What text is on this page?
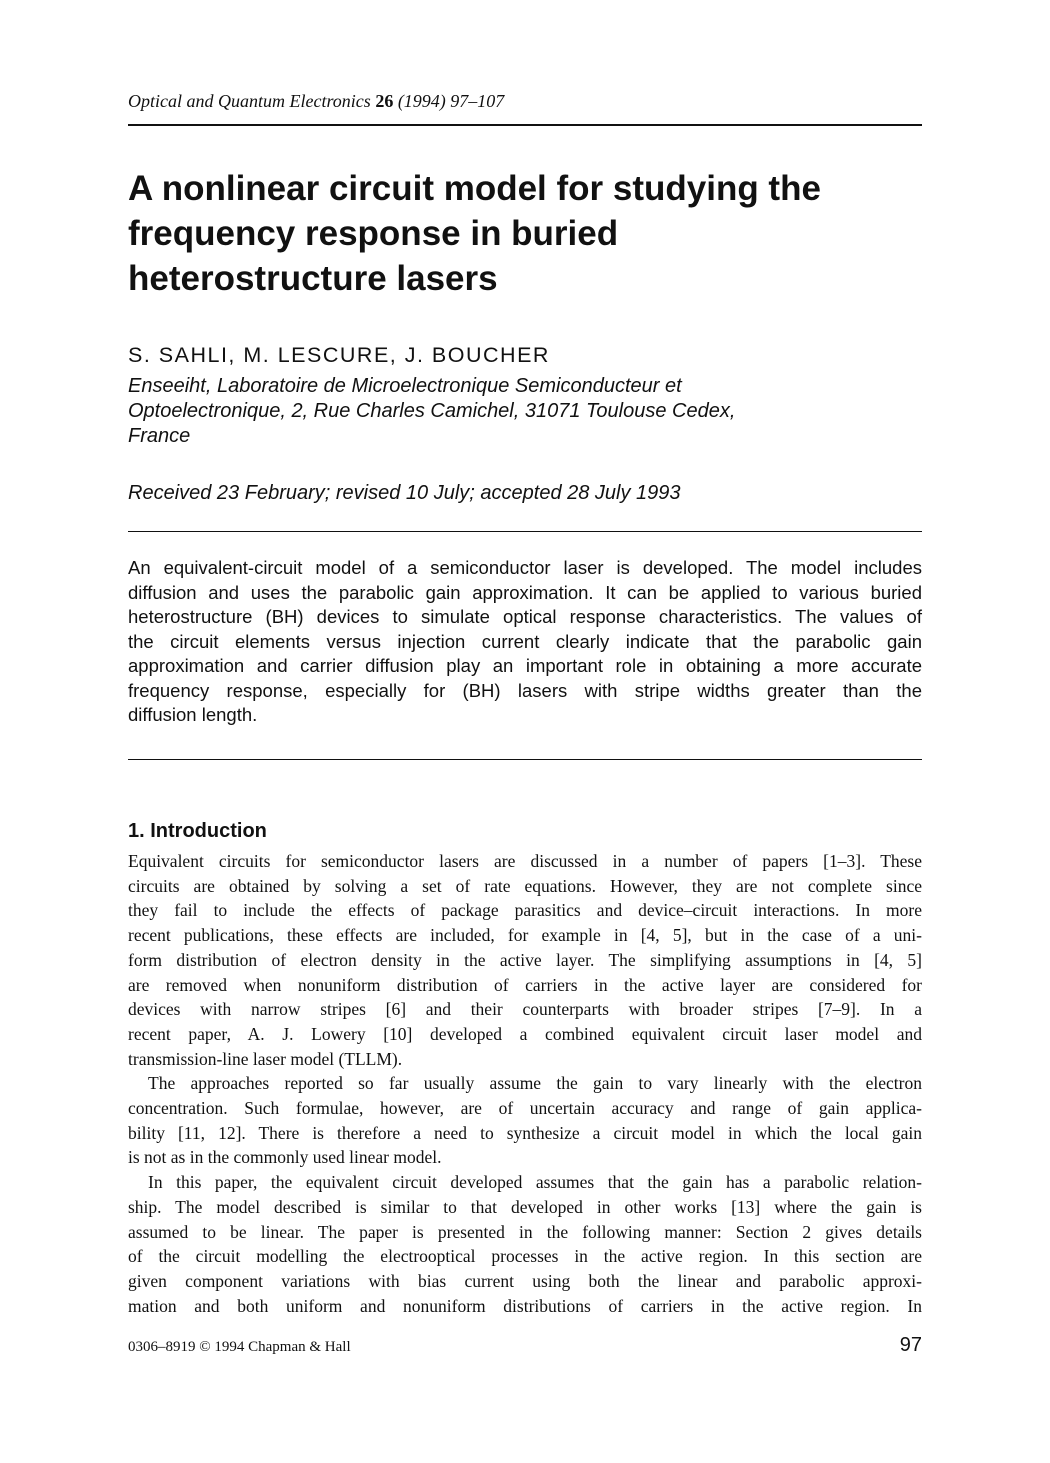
Optical and Quantum Electronics 26 (1994) 97–107
A nonlinear circuit model for studying the
frequency response in buried
heterostructure lasers
S. SAHLI, M. LESCURE, J. BOUCHER
Enseeiht, Laboratoire de Microelectronique Semiconducteur et
Optoelectronique, 2, Rue Charles Camichel, 31071 Toulouse Cedex,
France
Received 23 February; revised 10 July; accepted 28 July 1993
An equivalent-circuit model of a semiconductor laser is developed. The model includes
diffusion and uses the parabolic gain approximation. It can be applied to various buried
heterostructure (BH) devices to simulate optical response characteristics. The values of
the circuit elements versus injection current clearly indicate that the parabolic gain
approximation and carrier diffusion play an important role in obtaining a more accurate
frequency response, especially for (BH) lasers with stripe widths greater than the
diffusion length.
1. Introduction
Equivalent circuits for semiconductor lasers are discussed in a number of papers [1–3]. These
circuits are obtained by solving a set of rate equations. However, they are not complete since
they fail to include the effects of package parasitics and device–circuit interactions. In more
recent publications, these effects are included, for example in [4, 5], but in the case of a uni-
form distribution of electron density in the active layer. The simplifying assumptions in [4, 5]
are removed when nonuniform distribution of carriers in the active layer are considered for
devices with narrow stripes [6] and their counterparts with broader stripes [7–9]. In a
recent paper, A. J. Lowery [10] developed a combined equivalent circuit laser model and
transmission-line laser model (TLLM).
The approaches reported so far usually assume the gain to vary linearly with the electron
concentration. Such formulae, however, are of uncertain accuracy and range of gain applica-
bility [11, 12]. There is therefore a need to synthesize a circuit model in which the local gain
is not as in the commonly used linear model.
In this paper, the equivalent circuit developed assumes that the gain has a parabolic relation-
ship. The model described is similar to that developed in other works [13] where the gain is
assumed to be linear. The paper is presented in the following manner: Section 2 gives details
of the circuit modelling the electrooptical processes in the active region. In this section are
given component variations with bias current using both the linear and parabolic approxi-
mation and both uniform and nonuniform distributions of carriers in the active region. In
0306–8919 © 1994 Chapman & Hall	97
